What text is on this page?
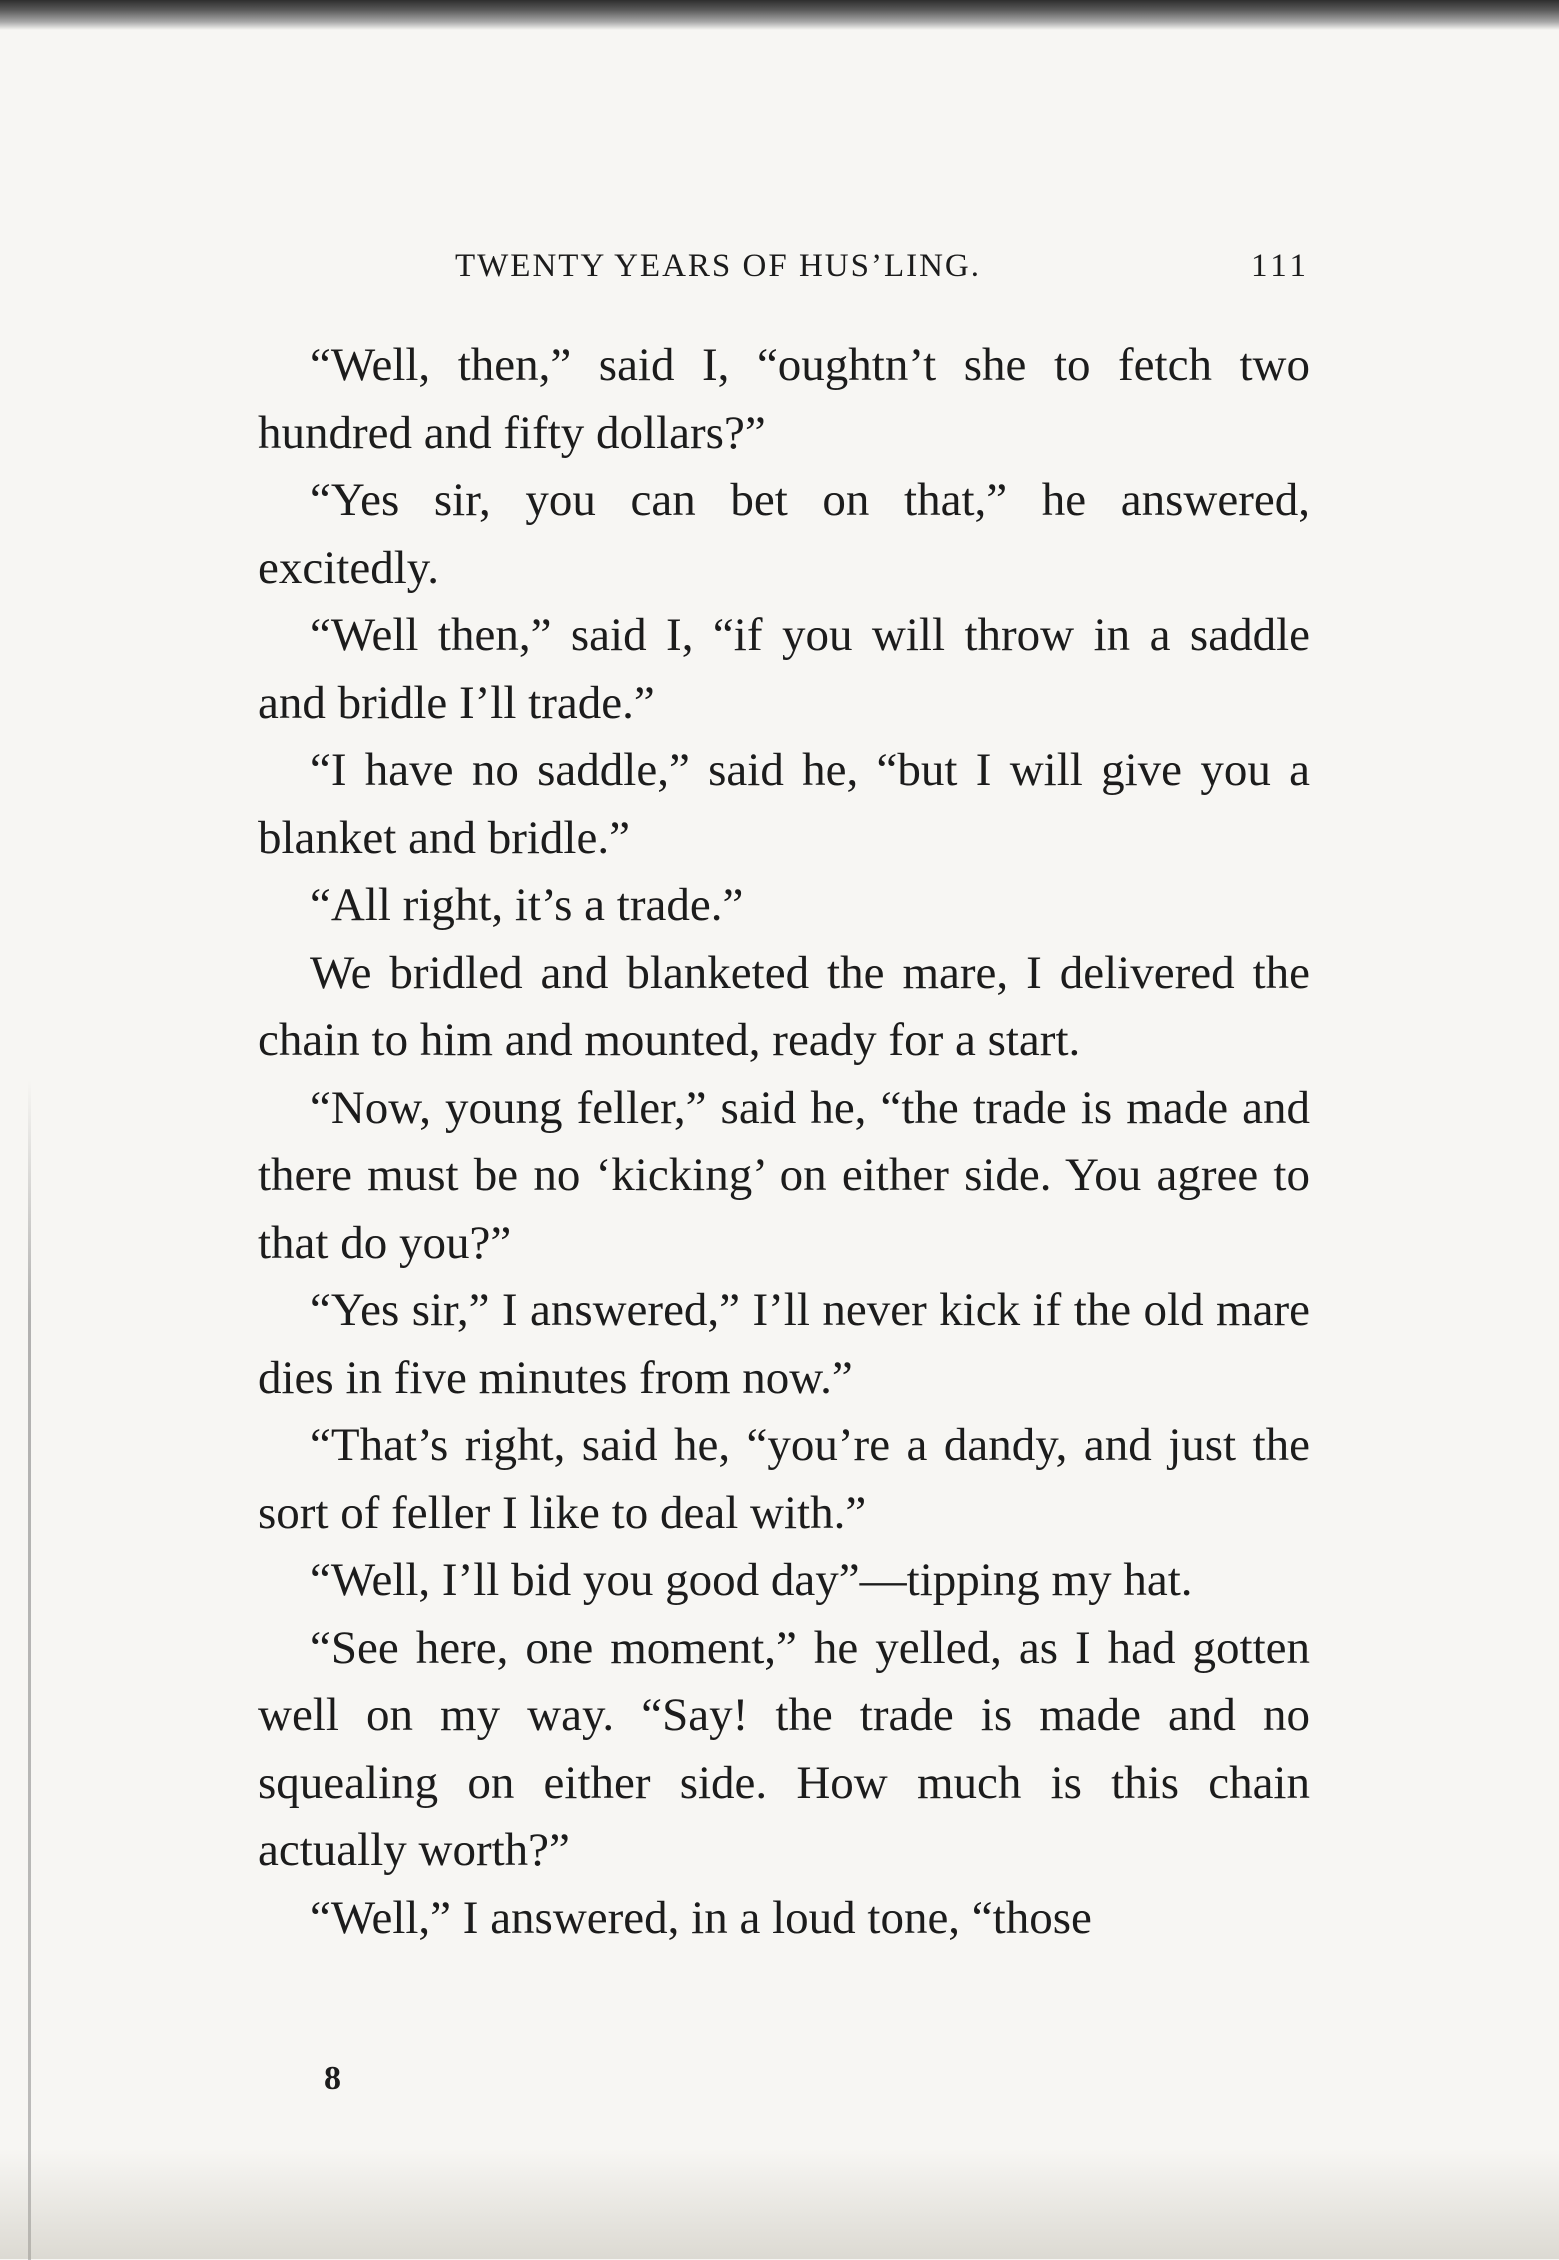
TWENTY YEARS OF HUS’LING.	111

“Well, then,” said I, “oughtn’t she to fetch two hundred and fifty dollars?”

“Yes sir, you can bet on that,” he answered, excitedly.

“Well then,” said I, “if you will throw in a saddle and bridle I’ll trade.”

“I have no saddle,” said he, “but I will give you a blanket and bridle.”

“All right, it’s a trade.”

We bridled and blanketed the mare, I delivered the chain to him and mounted, ready for a start.

“Now, young feller,” said he, “the trade is made and there must be no ‘kicking’ on either side. You agree to that do you?”

“Yes sir,” I answered,” I’ll never kick if the old mare dies in five minutes from now.”

“That’s right, said he, “you’re a dandy, and just the sort of feller I like to deal with.”

“Well, I’ll bid you good day”—tipping my hat.

“See here, one moment,” he yelled, as I had gotten well on my way. “Say! the trade is made and no squealing on either side. How much is this chain actually worth?”

“Well,” I answered, in a loud tone, “those

8
